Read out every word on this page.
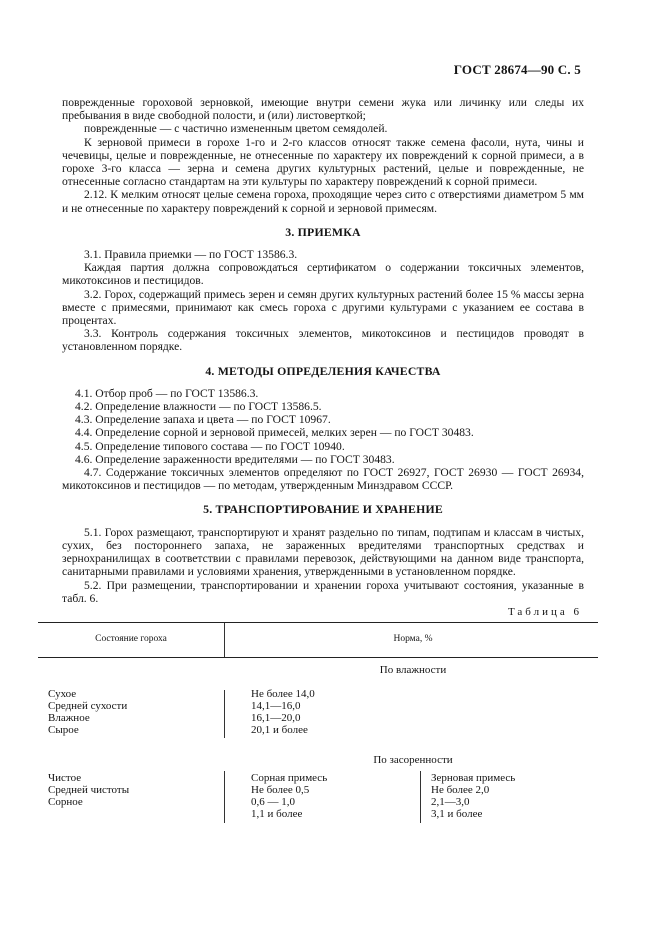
ГОСТ 28674—90 С. 5

поврежденные гороховой зерновкой, имеющие внутри семени жука или личинку или следы их пребывания в виде свободной полости, и (или) листоверткой;

поврежденные — с частично измененным цветом семядолей.

К зерновой примеси в горохе 1-го и 2-го классов относят также семена фасоли, нута, чины и чечевицы, целые и поврежденные, не отнесенные по характеру их повреждений к сорной примеси, а в горохе 3-го класса — зерна и семена других культурных растений, целые и поврежденные, не отнесенные согласно стандартам на эти культуры по характеру повреждений к сорной примеси.

2.12. К мелким относят целые семена гороха, проходящие через сито с отверстиями диаметром 5 мм и не отнесенные по характеру повреждений к сорной и зерновой примесям.

3. ПРИЕМКА

3.1. Правила приемки — по ГОСТ 13586.3.

Каждая партия должна сопровождаться сертификатом о содержании токсичных элементов, микотоксинов и пестицидов.

3.2. Горох, содержащий примесь зерен и семян других культурных растений более 15 % массы зерна вместе с примесями, принимают как смесь гороха с другими культурами с указанием ее состава в процентах.

3.3. Контроль содержания токсичных элементов, микотоксинов и пестицидов проводят в установленном порядке.

4. МЕТОДЫ ОПРЕДЕЛЕНИЯ КАЧЕСТВА

4.1. Отбор проб — по ГОСТ 13586.3.

4.2. Определение влажности — по ГОСТ 13586.5.

4.3. Определение запаха и цвета — по ГОСТ 10967.

4.4. Определение сорной и зерновой примесей, мелких зерен — по ГОСТ 30483.

4.5. Определение типового состава — по ГОСТ 10940.

4.6. Определение зараженности вредителями — по ГОСТ 30483.

4.7. Содержание токсичных элементов определяют по ГОСТ 26927, ГОСТ 26930 — ГОСТ 26934, микотоксинов и пестицидов — по методам, утвержденным Минздравом СССР.

5. ТРАНСПОРТИРОВАНИЕ И ХРАНЕНИЕ

5.1. Горох размещают, транспортируют и хранят раздельно по типам, подтипам и классам в чистых, сухих, без постороннего запаха, не зараженных вредителями транспортных средствах и зернохранилищах в соответствии с правилами перевозок, действующими на данном виде транспорта, санитарными правилами и условиями хранения, утвержденными в установленном порядке.

5.2. При размещении, транспортировании и хранении гороха учитывают состояния, указанные в табл. 6.

Таблица 6
Состояние гороха	Норма, %
По влажности
Сухое
Средней сухости
Влажное
Сырое
Не более 14,0
14,1—16,0
16,1—20,0
20,1 и более
По засоренности
Чистое
Средней чистоты
Сорное
Сорная примесь
Не более 0,5
0,6 — 1,0
1,1 и более
Зерновая примесь
Не более 2,0
2,1—3,0
3,1 и более
